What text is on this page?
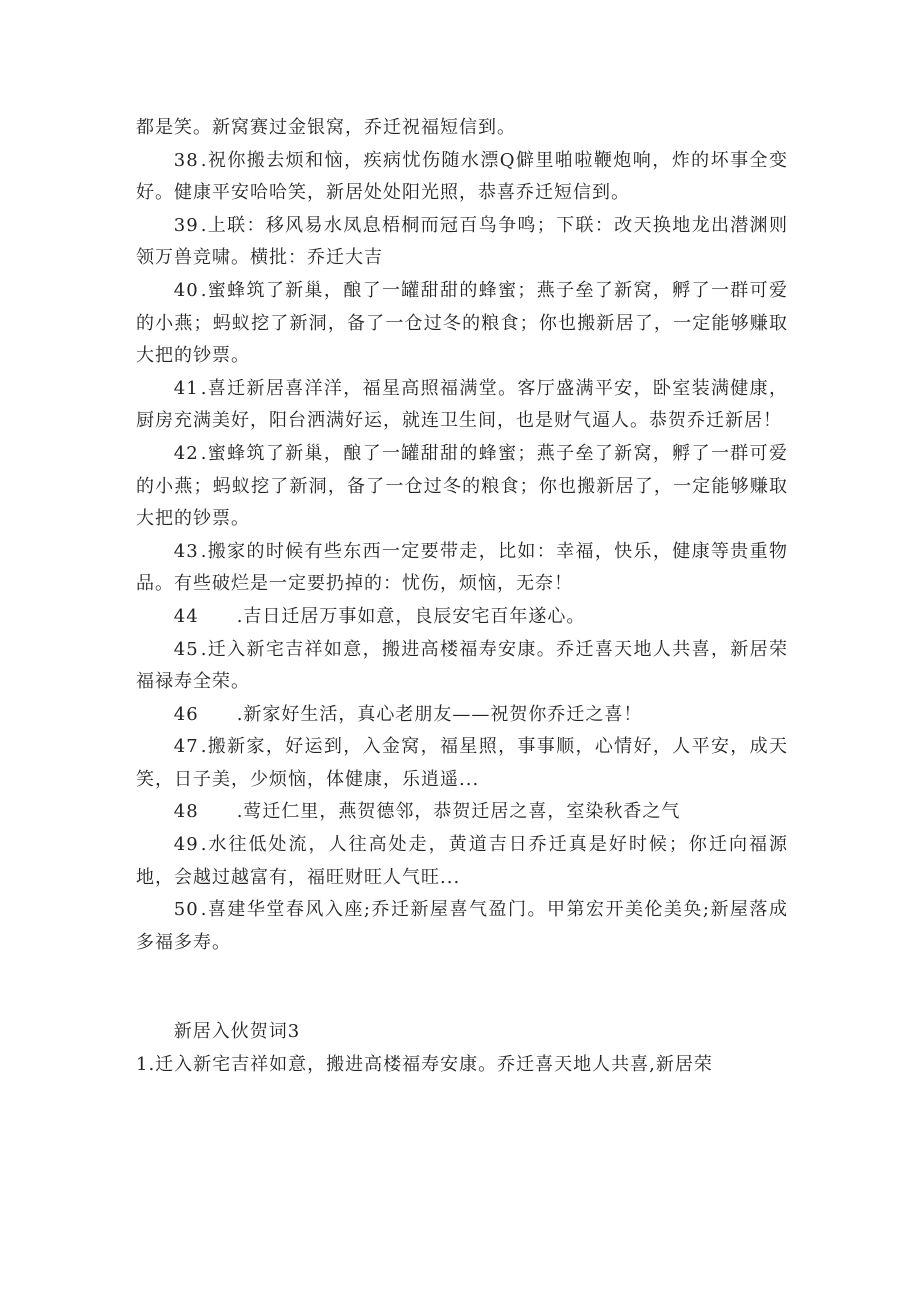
都是笑。新窝赛过金银窝，乔迁祝福短信到。

38 .祝你搬去烦和恼，疾病忧伤随水漂Q僻里啪啦鞭炮响，炸的坏事全变好。健康平安哈哈笑，新居处处阳光照，恭喜乔迁短信到。

39 .上联：移风易水凤息梧桐而冠百鸟争鸣；下联：改天换地龙出潜渊则领万兽竞啸。横批：乔迁大吉

40 .蜜蜂筑了新巢，酿了一罐甜甜的蜂蜜；燕子垒了新窝，孵了一群可爱的小燕；蚂蚁挖了新洞，备了一仓过冬的粮食；你也搬新居了，一定能够赚取大把的钞票。

41 .喜迁新居喜洋洋，福星高照福满堂。客厅盛满平安，卧室装满健康，厨房充满美好，阳台洒满好运，就连卫生间，也是财气逼人。恭贺乔迁新居！

42 .蜜蜂筑了新巢，酿了一罐甜甜的蜂蜜；燕子垒了新窝，孵了一群可爱的小燕；蚂蚁挖了新洞，备了一仓过冬的粮食；你也搬新居了，一定能够赚取大把的钞票。

43 .搬家的时候有些东西一定要带走，比如：幸福，快乐，健康等贵重物品。有些破烂是一定要扔掉的：忧伤，烦恼，无奈！

44 .吉日迁居万事如意，良辰安宅百年遂心。

45 .迁入新宅吉祥如意，搬进高楼福寿安康。乔迁喜天地人共喜，新居荣福禄寿全荣。

46 .新家好生活，真心老朋友——祝贺你乔迁之喜！

47 .搬新家，好运到，入金窝，福星照，事事顺，心情好，人平安，成天笑，日子美，少烦恼，体健康，乐逍遥...

48 .莺迁仁里，燕贺德邻，恭贺迁居之喜，室染秋香之气

49 .水往低处流，人往高处走，黄道吉日乔迁真是好时候；你迁向福源地，会越过越富有，福旺财旺人气旺...

50 .喜建华堂春风入座;乔迁新屋喜气盈门。甲第宏开美伦美奂;新屋落成多福多寿。

新居入伙贺词3

1.迁入新宅吉祥如意，搬进高楼福寿安康。乔迁喜天地人共喜,新居荣
